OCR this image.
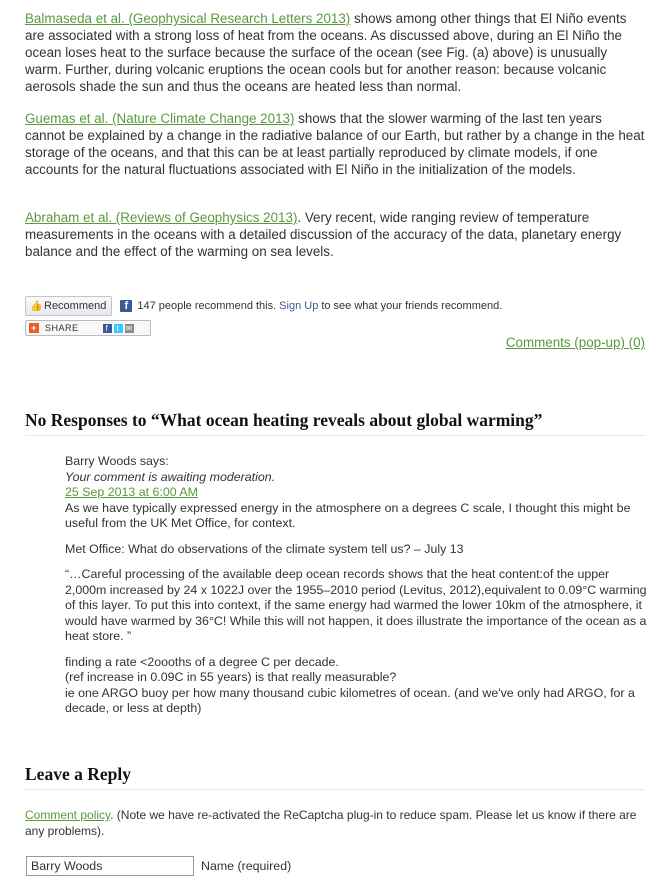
Balmaseda et al. (Geophysical Research Letters 2013) shows among other things that El Niño events are associated with a strong loss of heat from the oceans. As discussed above, during an El Niño the ocean loses heat to the surface because the surface of the ocean (see Fig. (a) above) is unusually warm. Further, during volcanic eruptions the ocean cools but for another reason: because volcanic aerosols shade the sun and thus the oceans are heated less than normal.

Guemas et al. (Nature Climate Change 2013) shows that the slower warming of the last ten years cannot be explained by a change in the radiative balance of our Earth, but rather by a change in the heat storage of the oceans, and that this can be at least partially reproduced by climate models, if one accounts for the natural fluctuations associated with El Niño in the initialization of the models.

Abraham et al. (Reviews of Geophysics 2013). Very recent, wide ranging review of temperature measurements in the oceans with a detailed discussion of the accuracy of the data, planetary energy balance and the effect of the warming on sea levels.

👍 Recommend	f 147 people recommend this. Sign Up to see what your friends recommend.
+ SHARE	f	t ✉
Comments (pop-up) (0)
No Responses to “What ocean heating reveals about global warming”

Barry Woods says:

Your comment is awaiting moderation.

25 Sep 2013 at 6:00 AM

As we have typically expressed energy in the atmosphere on a degrees C scale, I thought this might be useful from the UK Met Office, for context.

Met Office: What do observations of the climate system tell us? – July 13

“…Careful processing of the available deep ocean records shows that the heat content:of the upper 2,000m increased by 24 x 1022J over the 1955–2010 period (Levitus, 2012),equivalent to 0.09°C warming of this layer. To put this into context, if the same energy had warmed the lower 10km of the atmosphere, it would have warmed by 36°C! While this will not happen, it does illustrate the importance of the ocean as a heat store. ”

finding a rate <2oooths of a degree C per decade.

(ref increase in 0.09C in 55 years) is that really measurable?

ie one ARGO buoy per how many thousand cubic kilometres of ocean. (and we've only had ARGO, for a decade, or less at depth)

Leave a Reply

Comment policy. (Note we have re-activated the ReCaptcha plug-in to reduce spam. Please let us know if there are any problems).

Barry Woods
Name (required)
